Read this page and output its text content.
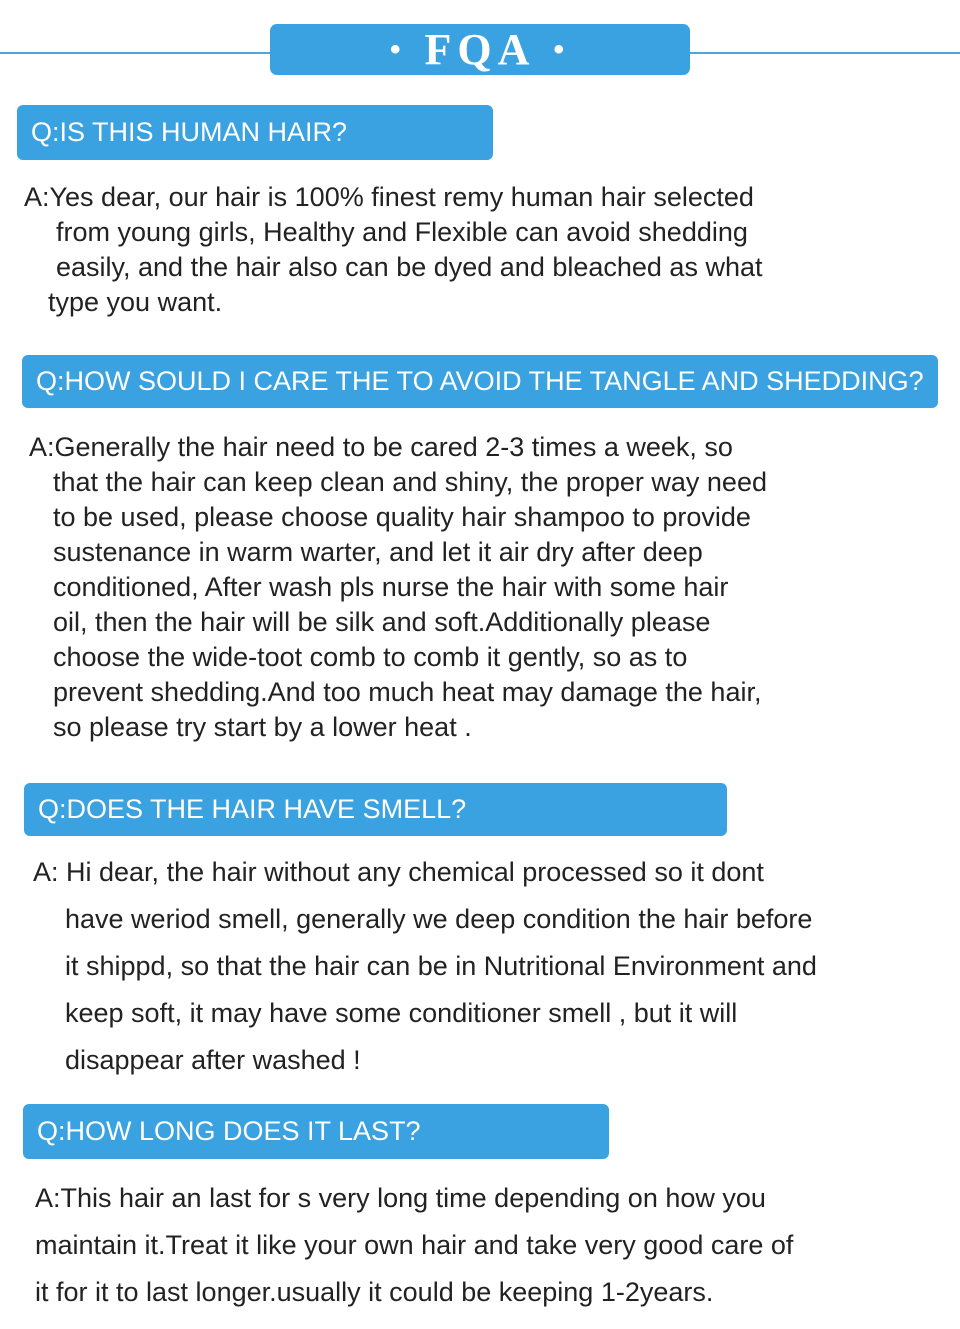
• FQA •
Q:IS THIS HUMAN HAIR?
A:Yes dear, our hair is 100% finest remy human hair selected
from young girls, Healthy and Flexible can avoid shedding
easily, and the hair also can be dyed and bleached as what
type you want.
Q:HOW SOULD I CARE THE TO AVOID THE TANGLE AND SHEDDING?
A:Generally the hair need to be cared 2-3 times a week, so
that the hair can keep clean and shiny, the proper way need
to be used, please choose quality hair shampoo to provide
sustenance in warm warter, and let it air dry after deep
conditioned, After wash pls nurse the hair with some hair
oil, then the hair will be silk and soft.Additionally please
choose the wide-toot comb to comb it gently, so as to
prevent shedding.And too much heat may damage the hair,
so please try start by a lower heat .
Q:DOES THE HAIR HAVE SMELL?
A: Hi dear, the hair without any chemical processed so it dont
have weriod smell, generally we deep condition the hair before
it shippd, so that the hair can be in Nutritional Environment and
keep soft, it may have some conditioner smell , but it will
disappear after washed !
Q:HOW LONG DOES IT LAST?
A:This hair an last for s very long time depending on how you
maintain it.Treat it like your own hair and take very good care of
it for it to last longer.usually it could be keeping 1-2years.
